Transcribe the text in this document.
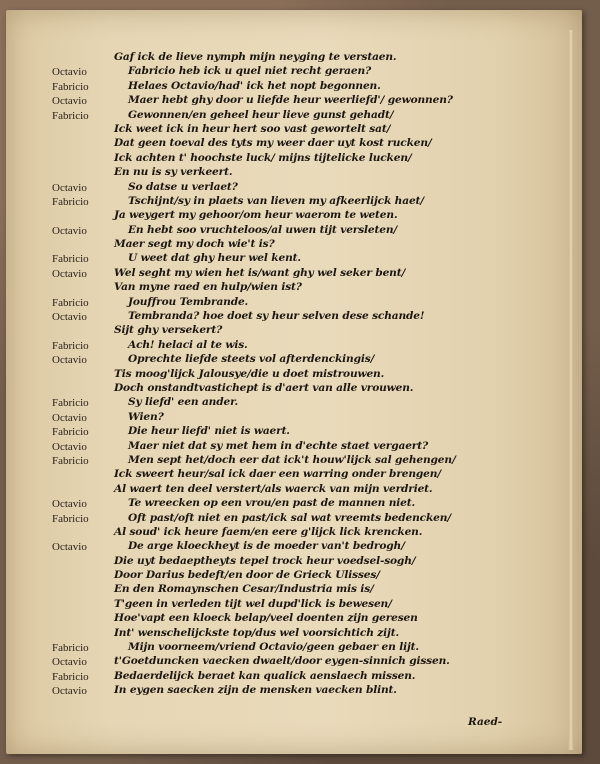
Gaf ick de lieve nymph mijn neyging te verstaen.
Octavio	Fabricio heb ick u quel niet recht geraen?
Fabricio	Helaes Octavio/had' ick het nopt begonnen.
Octavio	Maer hebt ghy door u liefde heur weerliefd'/ gewonnen?
Fabricio	Gewonnen/en geheel heur lieve gunst gehadt/
Ick weet ick in heur hert soo vast gewortelt sat/
Dat geen toeval des tyts my weer daer uyt kost rucken/
Ick achten t' hoochste luck/ mijns tijtelicke lucken/
En nu is sy verkeert.
Octavio	So datse u verlaet?
Fabricio	Tschijnt/sy in plaets van lieven my afkeerlijck haet/
Ja weygert my gehoor/om heur waerom te weten.
Octavio	En hebt soo vruchteloos/al uwen tijt versleten/
Maer segt my doch wie't is?
Fabricio	U weet dat ghy heur wel kent.
Octavio	Wel seght my wien het is/want ghy wel seker bent/
Van myne raed en hulp/wien ist?
Fabricio	Jouffrou Tembrande.
Octavio	Tembranda? hoe doet sy heur selven dese schande!
Sijt ghy versekert?
Fabricio	Ach! helaci al te wis.
Octavio	Oprechte liefde steets vol afterdenckingis/
Tis moog'lijck Jalousye/die u doet mistrouwen.
Doch onstandtvastichept is d'aert van alle vrouwen.
Fabricio	Sy liefd' een ander.
Octavio	Wien?
Fabricio	Die heur liefd' niet is waert.
Octavio	Maer niet dat sy met hem in d'echte staet vergaert?
Fabricio	Men sept het/doch eer dat ick't houw'lijck sal gehengen/
Ick sweert heur/sal ick daer een warring onder brengen/
Al waert ten deel verstert/als waerck van mijn verdriet.
Octavio	Te wreecken op een vrou/en past de mannen niet.
Fabricio	Oft past/oft niet en past/ick sal wat vreemts bedencken/
Al soud' ick heure faem/en eere g'lijck lick krencken.
Octavio	De arge kloeckheyt is de moeder van't bedrogh/
Die uyt bedaeptheyts tepel trock heur voedsel-sogh/
Door Darius bedeft/en door de Grieck Ulisses/
En den Romaynschen Cesar/Industria mis is/
T'geen in verleden tijt wel dupd'lick is bewesen/
Hoe'vapt een kloeck belap/veel doenten zijn geresen
Int' wenschelijckste top/dus wel voorsichtich zijt.
Fabricio	Mijn voorneem/vriend Octavio/geen gebaer en lijt.
Octavio	t'Goetduncken vaecken dwaelt/door eygen-sinnich gissen.
Fabricio	Bedaerdelijck beraet kan qualick aenslaech missen.
Octavio	In eygen saecken zijn de mensken vaecken blint.
Raed-
